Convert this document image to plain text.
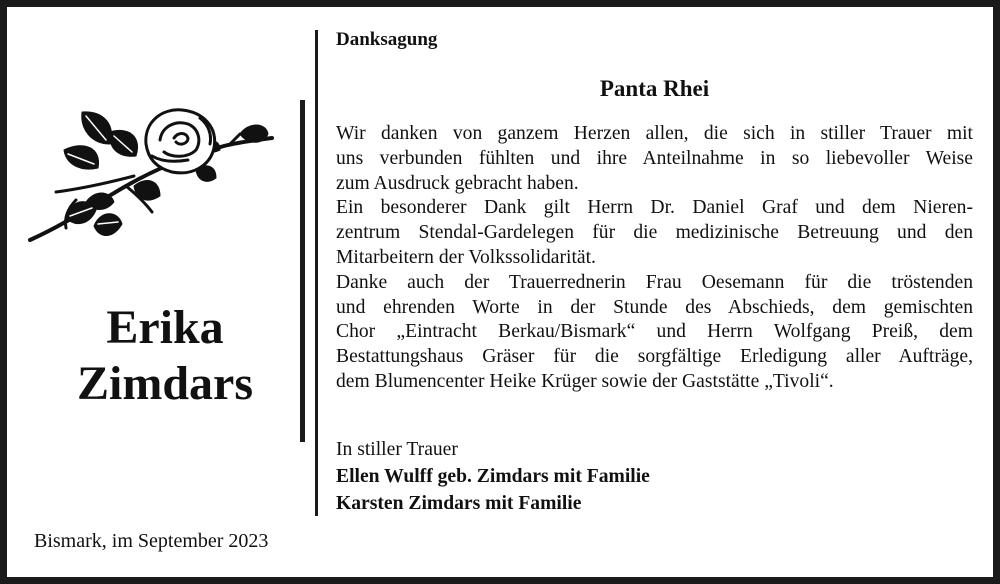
Erika
Zimdars
Bismark, im September 2023
Danksagung
Panta Rhei
Wir danken von ganzem Herzen allen, die sich in stiller Trauer mit
uns verbunden fühlten und ihre Anteilnahme in so liebevoller Weise
zum Ausdruck gebracht haben.
Ein besonderer Dank gilt Herrn Dr. Daniel Graf und dem Nieren-
zentrum Stendal-Gardelegen für die medizinische Betreuung und den
Mitarbeitern der Volkssolidarität.
Danke auch der Trauerrednerin Frau Oesemann für die tröstenden
und ehrenden Worte in der Stunde des Abschieds, dem gemischten
Chor „Eintracht Berkau/Bismark“ und Herrn Wolfgang Preiß, dem
Bestattungshaus Gräser für die sorgfältige Erledigung aller Aufträge,
dem Blumencenter Heike Krüger sowie der Gaststätte „Tivoli“.
In stiller Trauer
Ellen Wulff geb. Zimdars mit Familie
Karsten Zimdars mit Familie
